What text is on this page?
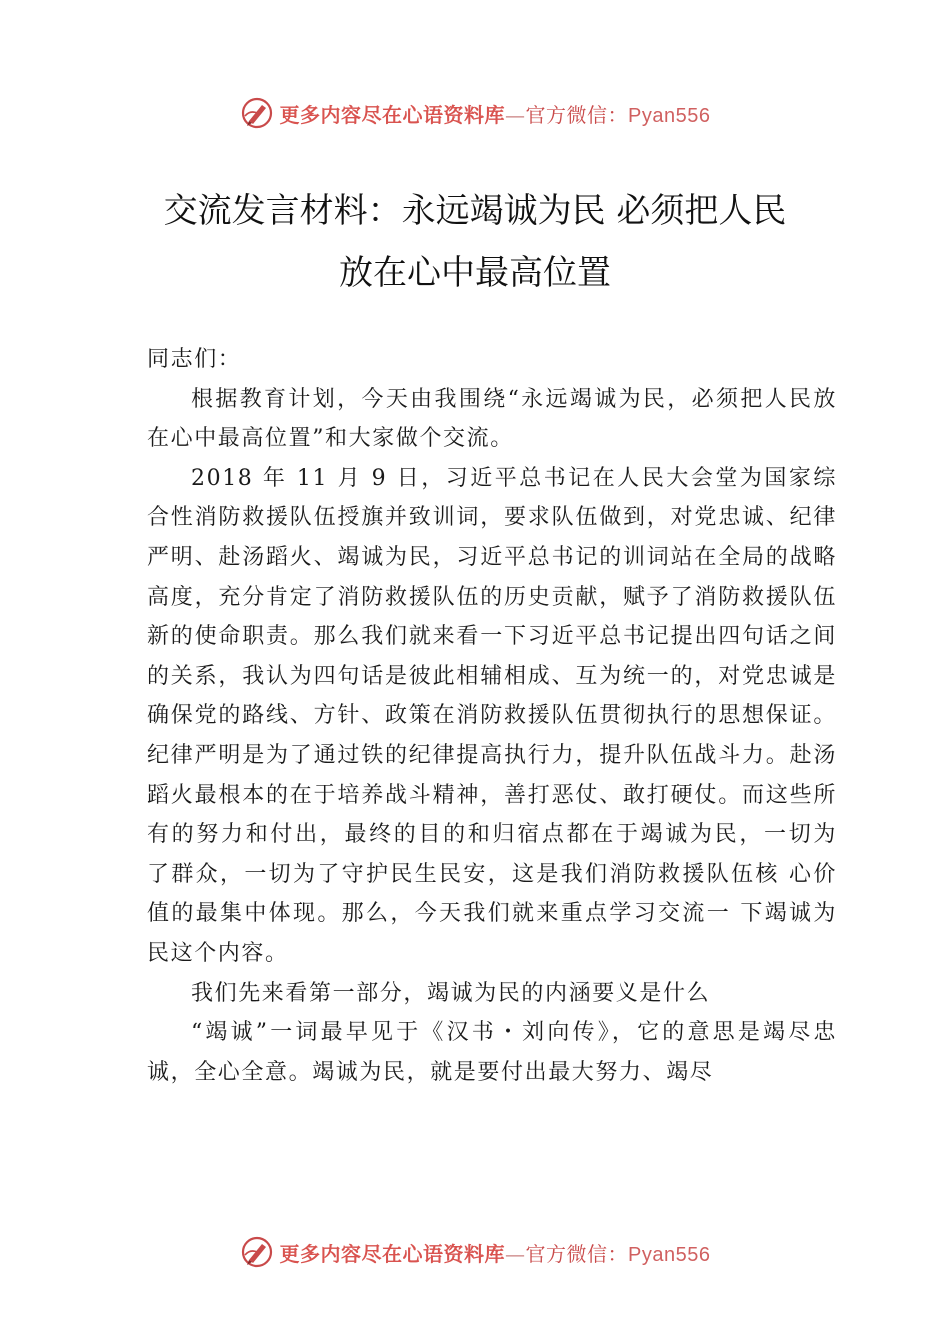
更多内容尽在心语资料库—官方微信：Pyan556
交流发言材料：永远竭诚为民 必须把人民
放在心中最高位置

同志们：

根据教育计划，今天由我围绕“永远竭诚为民，必须把人民放在心中最高位置”和大家做个交流。

2018 年 11 月 9 日，习近平总书记在人民大会堂为国家综合性消防救援队伍授旗并致训词，要求队伍做到，对党忠诚、纪律严明、赴汤蹈火、竭诚为民，习近平总书记的训词站在全局的战略高度，充分肯定了消防救援队伍的历史贡献，赋予了消防救援队伍新的使命职责。那么我们就来看一下习近平总书记提出四句话之间的关系，我认为四句话是彼此相辅相成、互为统一的，对党忠诚是确保党的路线、方针、政策在消防救援队伍贯彻执行的思想保证。纪律严明是为了通过铁的纪律提高执行力，提升队伍战斗力。赴汤蹈火最根本的在于培养战斗精神，善打恶仗、敢打硬仗。而这些所有的努力和付出，最终的目的和归宿点都在于竭诚为民，一切为 了群众，一切为了守护民生民安，这是我们消防救援队伍核 心价值的最集中体现。那么，今天我们就来重点学习交流一 下竭诚为民这个内容。

我们先来看第一部分，竭诚为民的内涵要义是什么

“竭诚”一词最早见于《汉书・刘向传》，它的意思是竭尽忠诚，全心全意。竭诚为民，就是要付出最大努力、竭尽

更多内容尽在心语资料库—官方微信：Pyan556
